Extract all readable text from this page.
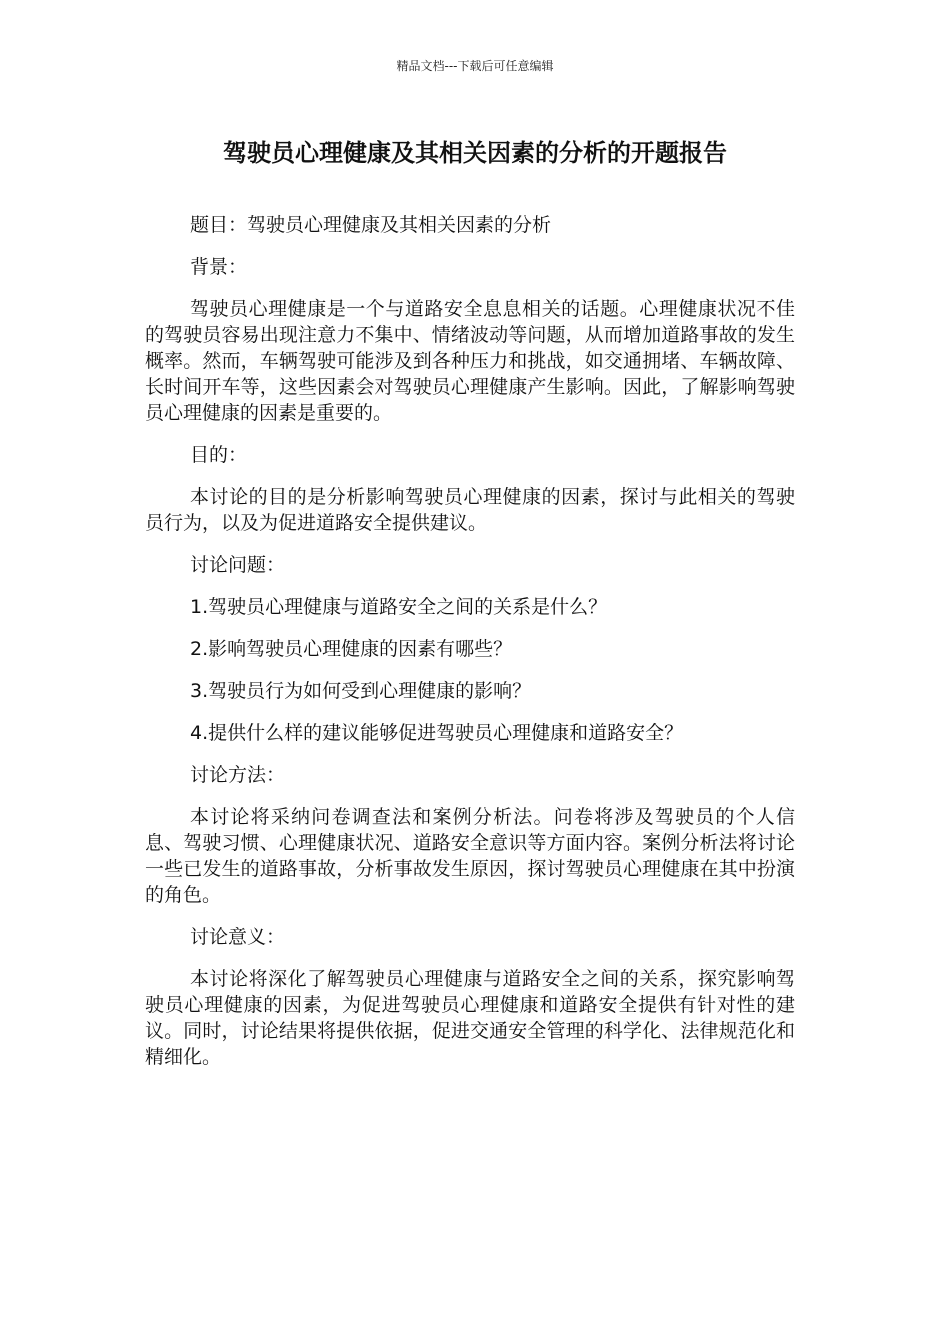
精品文档---下载后可任意编辑
驾驶员心理健康及其相关因素的分析的开题报告

题目：驾驶员心理健康及其相关因素的分析

背景：

驾驶员心理健康是一个与道路安全息息相关的话题。心理健康状况不佳的驾驶员容易出现注意力不集中、情绪波动等问题，从而增加道路事故的发生概率。然而，车辆驾驶可能涉及到各种压力和挑战，如交通拥堵、车辆故障、长时间开车等，这些因素会对驾驶员心理健康产生影响。因此，了解影响驾驶员心理健康的因素是重要的。

目的：

本讨论的目的是分析影响驾驶员心理健康的因素，探讨与此相关的驾驶员行为，以及为促进道路安全提供建议。

讨论问题：

1.驾驶员心理健康与道路安全之间的关系是什么？

2.影响驾驶员心理健康的因素有哪些？

3.驾驶员行为如何受到心理健康的影响？

4.提供什么样的建议能够促进驾驶员心理健康和道路安全？

讨论方法：

本讨论将采纳问卷调查法和案例分析法。问卷将涉及驾驶员的个人信息、驾驶习惯、心理健康状况、道路安全意识等方面内容。案例分析法将讨论一些已发生的道路事故，分析事故发生原因，探讨驾驶员心理健康在其中扮演的角色。

讨论意义：

本讨论将深化了解驾驶员心理健康与道路安全之间的关系，探究影响驾驶员心理健康的因素，为促进驾驶员心理健康和道路安全提供有针对性的建议。同时，讨论结果将提供依据，促进交通安全管理的科学化、法律规范化和精细化。
